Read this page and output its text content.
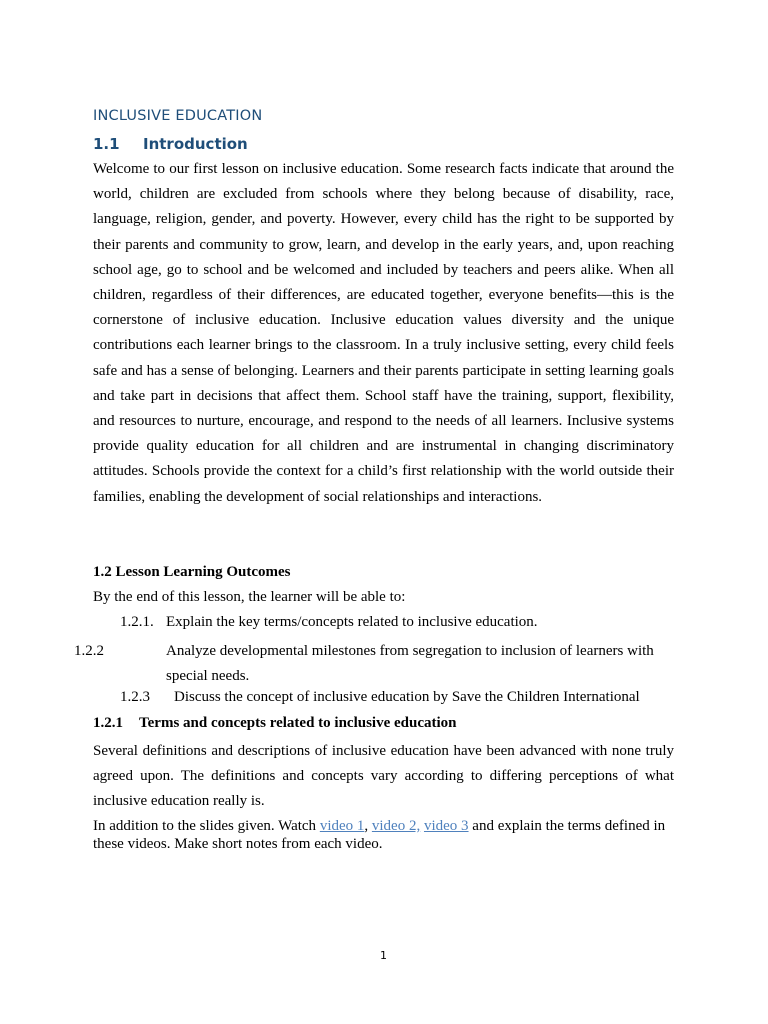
INCLUSIVE EDUCATION
1.1 Introduction

Welcome to our first lesson on inclusive education. Some research facts indicate that around the world, children are excluded from schools where they belong because of disability, race, language, religion, gender, and poverty. However, every child has the right to be supported by their parents and community to grow, learn, and develop in the early years, and, upon reaching school age, go to school and be welcomed and included by teachers and peers alike. When all children, regardless of their differences, are educated together, everyone benefits—this is the cornerstone of inclusive education. Inclusive education values diversity and the unique contributions each learner brings to the classroom. In a truly inclusive setting, every child feels safe and has a sense of belonging. Learners and their parents participate in setting learning goals and take part in decisions that affect them. School staff have the training, support, flexibility, and resources to nurture, encourage, and respond to the needs of all learners. Inclusive systems provide quality education for all children and are instrumental in changing discriminatory attitudes. Schools provide the context for a child’s first relationship with the world outside their families, enabling the development of social relationships and interactions.

1.2 Lesson Learning Outcomes

By the end of this lesson, the learner will be able to:

1.2.1. Explain the key terms/concepts related to inclusive education.
1.2.2	Analyze developmental milestones from segregation to inclusion of learners with special needs.
1.2.3 Discuss the concept of inclusive education by Save the Children International
1.2.1 Terms and concepts related to inclusive education

Several definitions and descriptions of inclusive education have been advanced with none truly agreed upon. The definitions and concepts vary according to differing perceptions of what inclusive education really is.

In addition to the slides given. Watch video 1, video 2, video 3 and explain the terms defined in these videos. Make short notes from each video.

1
